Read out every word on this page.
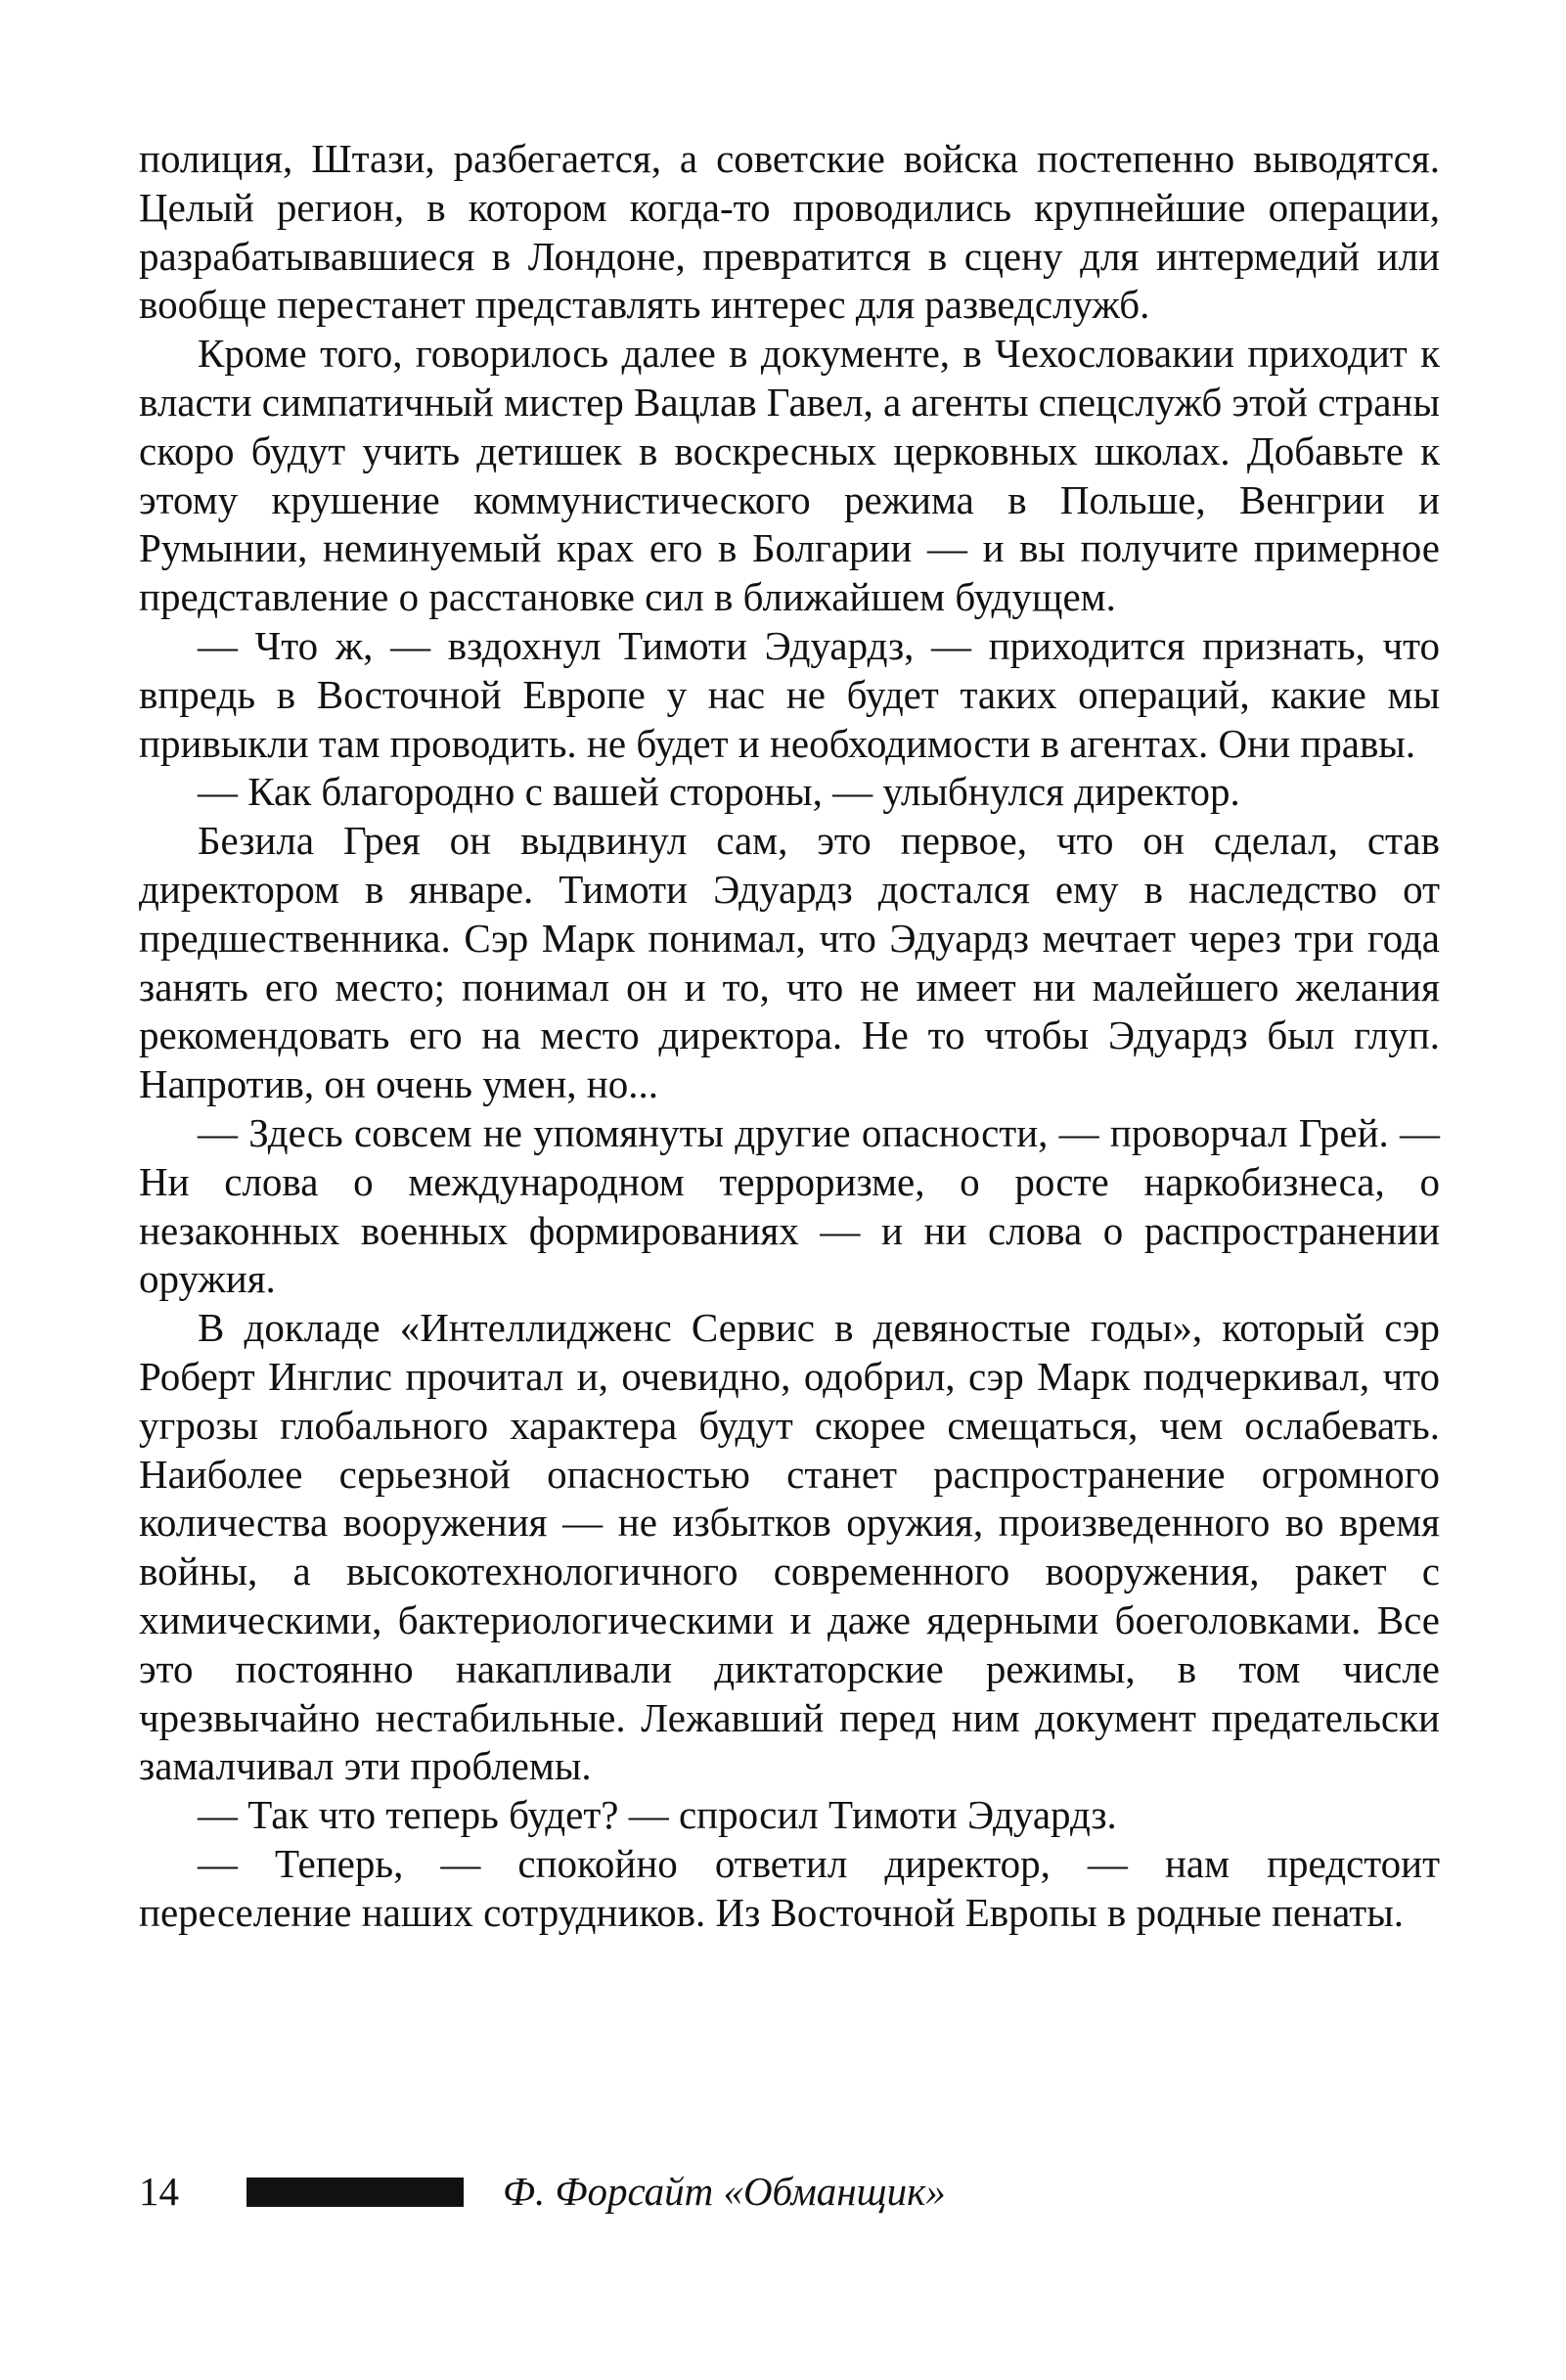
полиция, Штази, разбегается, а советские войска постепенно выводятся. Целый регион, в котором когда-то проводились крупнейшие операции, разрабатывавшиеся в Лондоне, превратится в сцену для интермедий или вообще перестанет представлять интерес для разведслужб.

Кроме того, говорилось далее в документе, в Чехословакии приходит к власти симпатичный мистер Вацлав Гавел, а агенты спецслужб этой страны скоро будут учить детишек в воскресных церковных школах. Добавьте к этому крушение коммунистического режима в Польше, Венгрии и Румынии, неминуемый крах его в Болгарии — и вы получите примерное представление о расстановке сил в ближайшем будущем.

— Что ж, — вздохнул Тимоти Эдуардз, — приходится признать, что впредь в Восточной Европе у нас не будет таких операций, какие мы привыкли там проводить. не будет и необходимости в агентах. Они правы.

— Как благородно с вашей стороны, — улыбнулся директор.

Безила Грея он выдвинул сам, это первое, что он сделал, став директором в январе. Тимоти Эдуардз достался ему в наследство от предшественника. Сэр Марк понимал, что Эдуардз мечтает через три года занять его место; понимал он и то, что не имеет ни малейшего желания рекомендовать его на место директора. Не то чтобы Эдуардз был глуп. Напротив, он очень умен, но...

— Здесь совсем не упомянуты другие опасности, — проворчал Грей. — Ни слова о международном терроризме, о росте наркобизнеса, о незаконных военных формированиях — и ни слова о распространении оружия.

В докладе «Интеллидженс Сервис в девяностые годы», который сэр Роберт Инглис прочитал и, очевидно, одобрил, сэр Марк подчеркивал, что угрозы глобального характера будут скорее смещаться, чем ослабевать. Наиболее серьезной опасностью станет распространение огромного количества вооружения — не избытков оружия, произведенного во время войны, а высокотехнологичного современного вооружения, ракет с химическими, бактериологическими и даже ядерными боеголовками. Все это постоянно накапливали диктаторские режимы, в том числе чрезвычайно нестабильные. Лежавший перед ним документ предательски замалчивал эти проблемы.

— Так что теперь будет? — спросил Тимоти Эдуардз.

— Теперь, — спокойно ответил директор, — нам предстоит переселение наших сотрудников. Из Восточной Европы в родные пенаты.

14	Ф. Форсайт «Обманщик»
